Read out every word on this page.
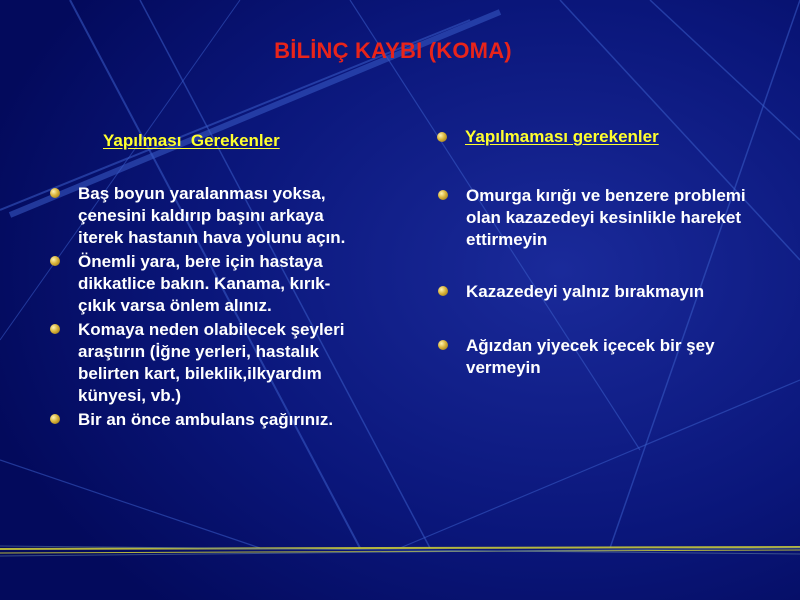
BİLİNÇ KAYBI (KOMA)
Yapılması  Gerekenler	Yapılmaması gerekenler
Baş boyun yaralanması yoksa, çenesini kaldırıp başını arkaya iterek hastanın hava yolunu açın.
Önemli yara, bere için hastaya dikkatlice bakın. Kanama, kırık-çıkık varsa önlem alınız.
Komaya neden olabilecek şeyleri araştırın (İğne yerleri, hastalık belirten kart, bileklik,ilkyardım künyesi, vb.)
Bir an önce ambulans çağırınız.
Omurga kırığı ve benzere problemi olan kazazedeyi kesinlikle hareket ettirmeyin
Kazazedeyi yalnız bırakmayın
Ağızdan yiyecek içecek bir şey vermeyin
